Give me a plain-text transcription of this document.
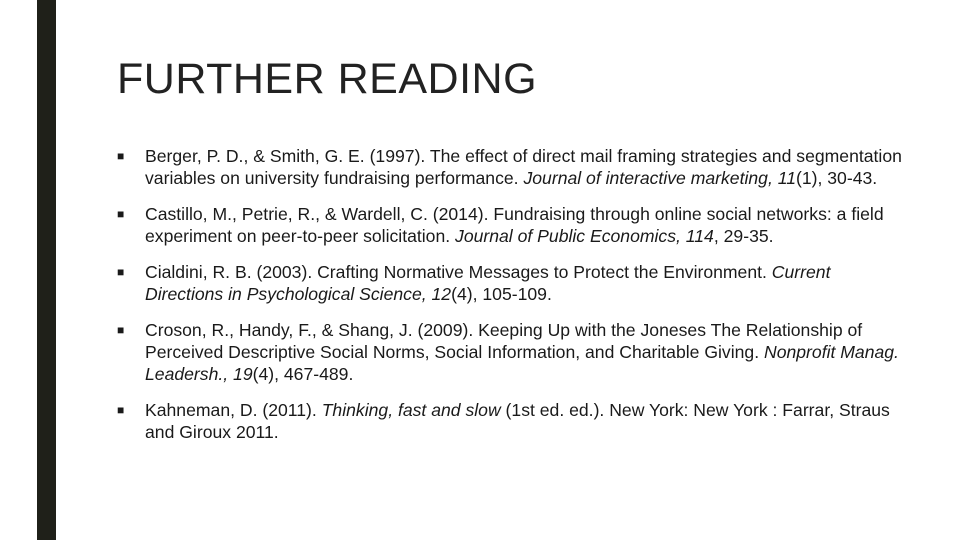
FURTHER READING
■ Berger, P. D., & Smith, G. E. (1997). The effect of direct mail framing strategies and segmentation variables on university fundraising performance. Journal of interactive marketing, 11(1), 30-43.
■ Castillo, M., Petrie, R., & Wardell, C. (2014). Fundraising through online social networks: a field experiment on peer-to-peer solicitation. Journal of Public Economics, 114, 29-35.
■ Cialdini, R. B. (2003). Crafting Normative Messages to Protect the Environment. Current Directions in Psychological Science, 12(4), 105-109.
■ Croson, R., Handy, F., & Shang, J. (2009). Keeping Up with the Joneses The Relationship of Perceived Descriptive Social Norms, Social Information, and Charitable Giving. Nonprofit Manag. Leadersh., 19(4), 467-489.
■ Kahneman, D. (2011). Thinking, fast and slow (1st ed. ed.). New York: New York : Farrar, Straus and Giroux 2011.
